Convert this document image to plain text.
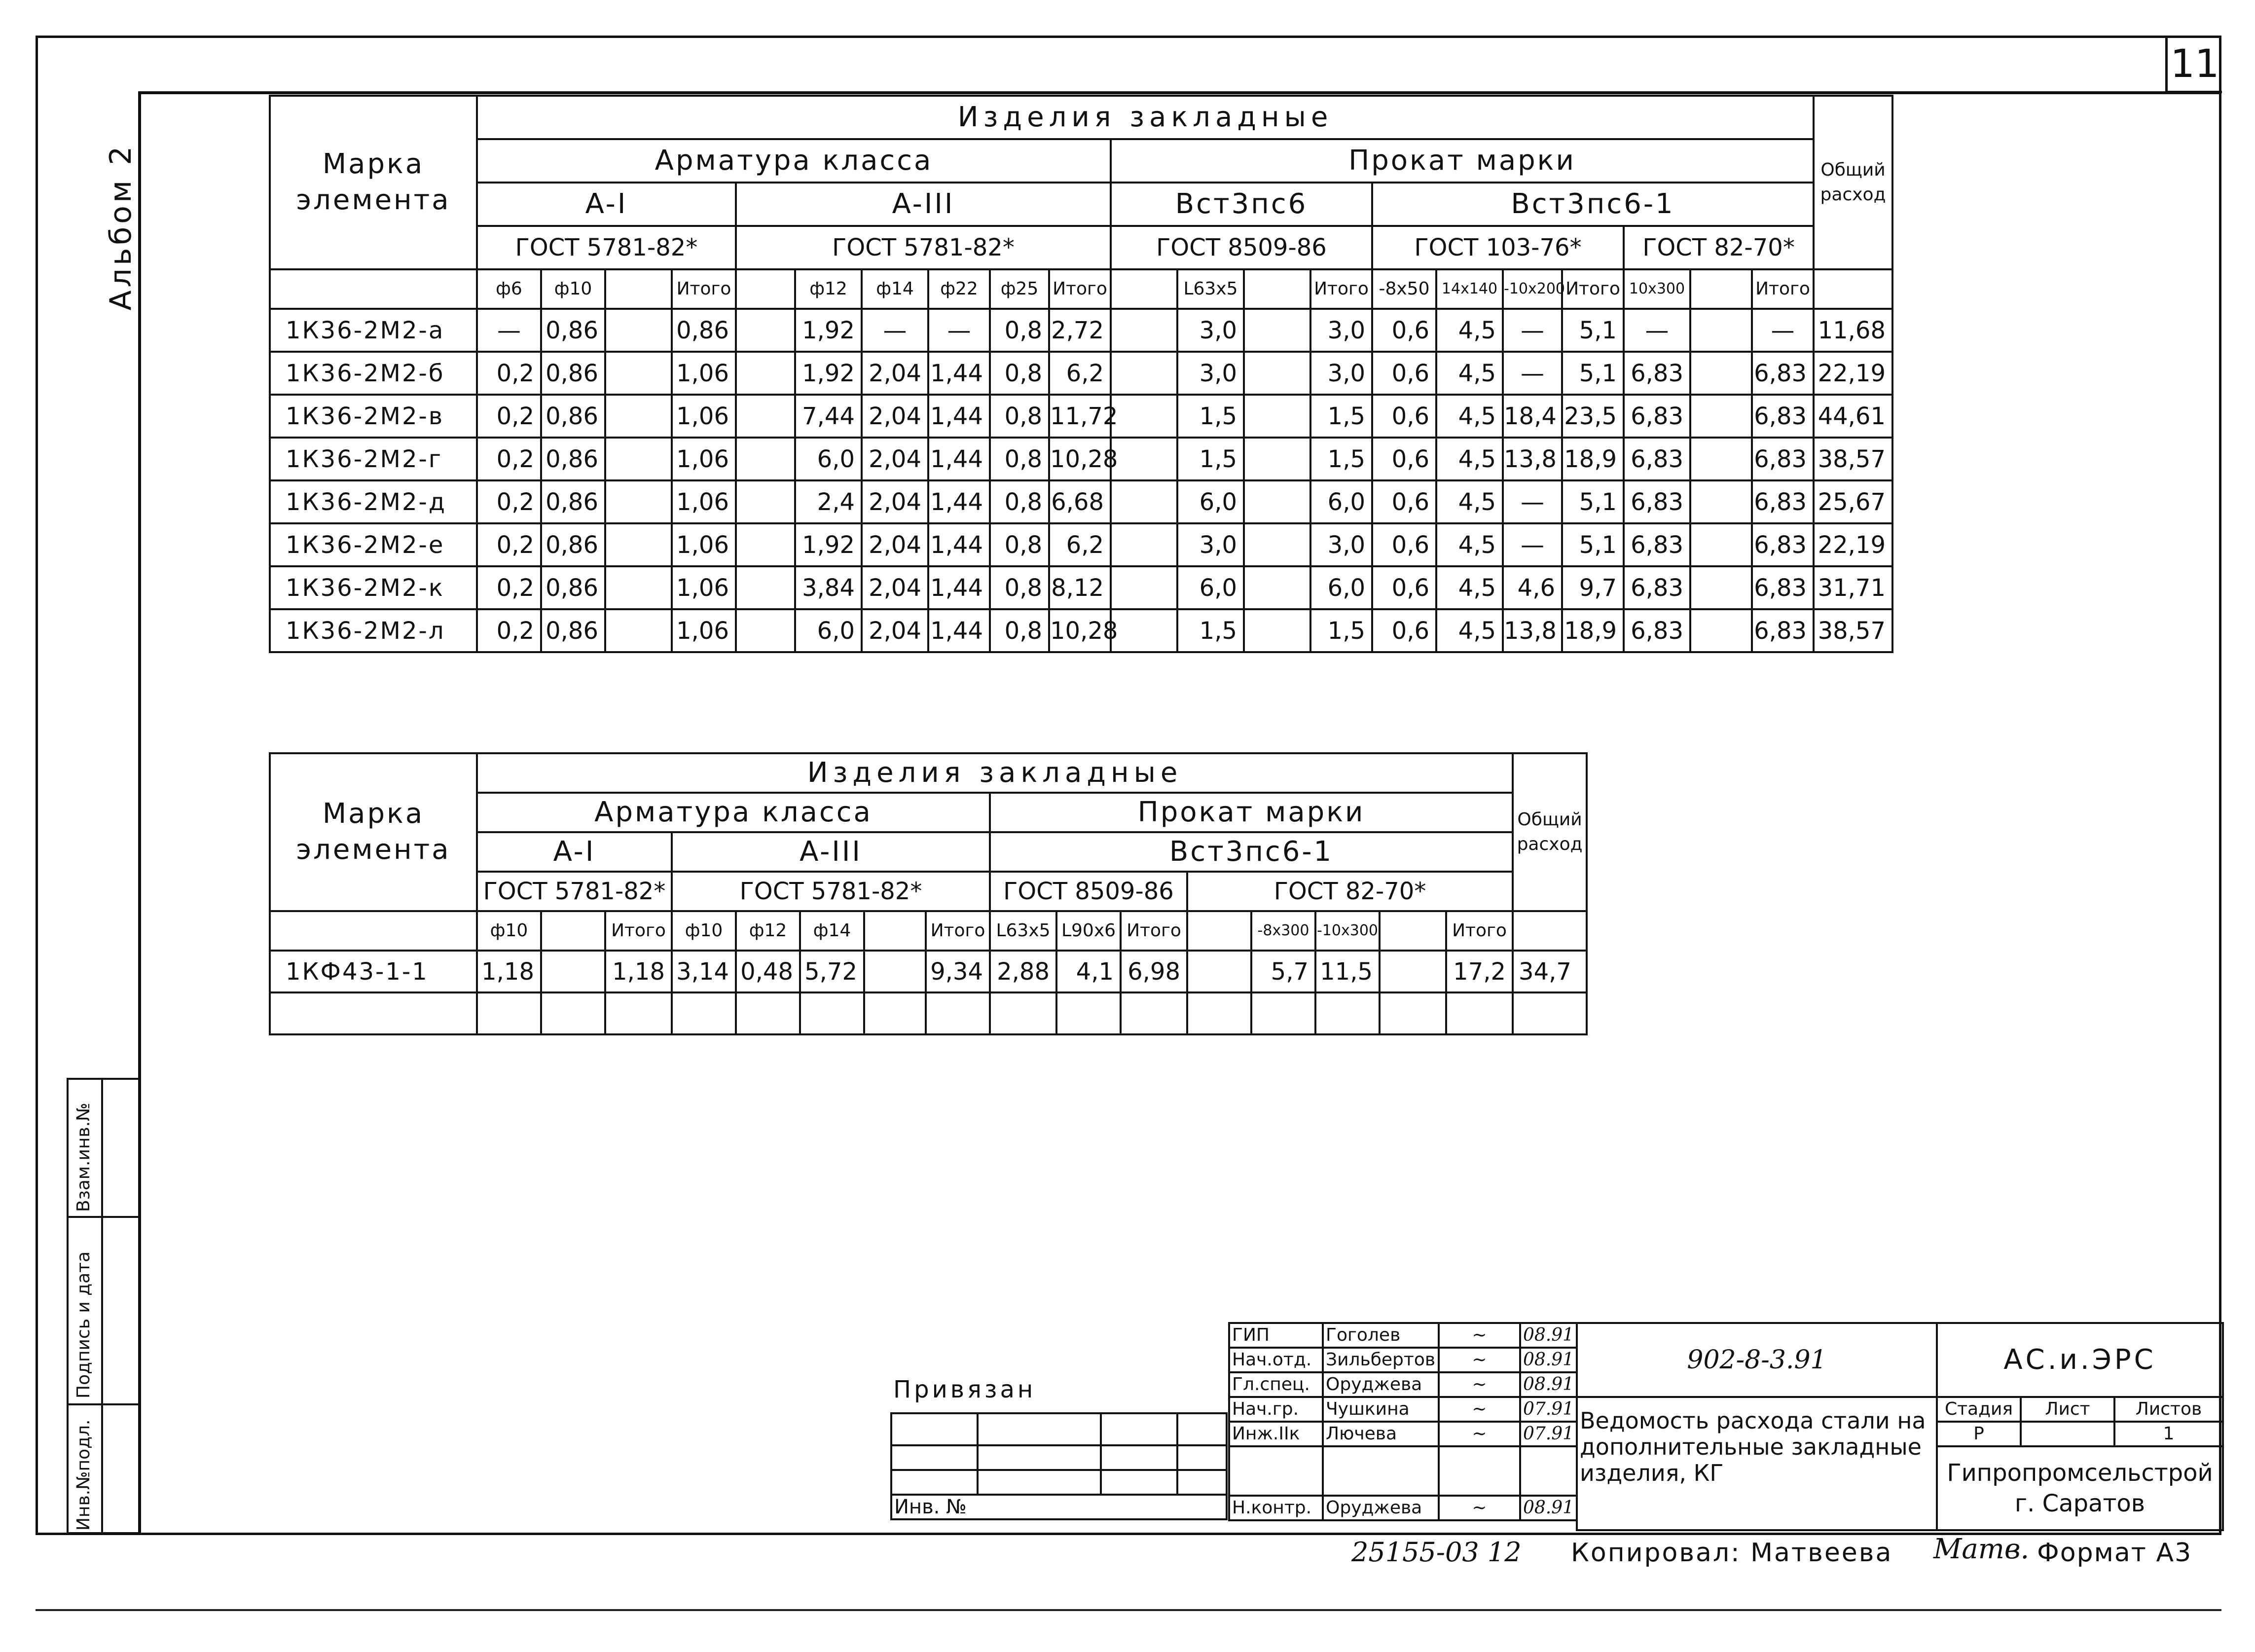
11
Альбом 2	Марка элемента	Изделия закладные																					Общий расход
	Арматура класса										Прокат марки											
	A-I				A-III						Вст3пс6				Вст3пс6-1							
	ГОСТ 5781-82*				ГОСТ 5781-82*						ГОСТ 8509-86				ГОСТ 103-76*				ГОСТ 82-70*			
	ф6	ф10		Итого		ф12	ф14	ф22	ф25	Итого		L63x5		Итого	-8x50	14x140	-10x200	Итого	10x300		Итого	
1К36-2М2-а	—	0,86		0,86		1,92	—	—	0,8	2,72		3,0		3,0	0,6	4,5	—	5,1	—		—	11,68
1К36-2М2-б	0,2	0,86		1,06		1,92	2,04	1,44	0,8	6,2		3,0		3,0	0,6	4,5	—	5,1	6,83		6,83	22,19
1К36-2М2-в	0,2	0,86		1,06		7,44	2,04	1,44	0,8	11,72		1,5		1,5	0,6	4,5	18,4	23,5	6,83		6,83	44,61
1К36-2М2-г	0,2	0,86		1,06		6,0	2,04	1,44	0,8	10,28		1,5		1,5	0,6	4,5	13,8	18,9	6,83		6,83	38,57
1К36-2М2-д	0,2	0,86		1,06		2,4	2,04	1,44	0,8	6,68		6,0		6,0	0,6	4,5	—	5,1	6,83		6,83	25,67
1К36-2М2-е	0,2	0,86		1,06		1,92	2,04	1,44	0,8	6,2		3,0		3,0	0,6	4,5	—	5,1	6,83		6,83	22,19
1К36-2М2-к	0,2	0,86		1,06		3,84	2,04	1,44	0,8	8,12		6,0		6,0	0,6	4,5	4,6	9,7	6,83		6,83	31,71
1К36-2М2-л	0,2	0,86		1,06		6,0	2,04	1,44	0,8	10,28		1,5		1,5	0,6	4,5	13,8	18,9	6,83		6,83	38,57
Марка элемента	Изделия закладные																Общий расход
	Арматура класса								Прокат марки								
	A-I			A-III					Вст3пс6-1								
	ГОСТ 5781-82*			ГОСТ 5781-82*					ГОСТ 8509-86			ГОСТ 82-70*					
	ф10		Итого	ф10	ф12	ф14		Итого	L63x5	L90x6	Итого		-8x300	-10x300		Итого	
1КФ43-1-1	1,18		1,18	3,14	0,48	5,72		9,34	2,88	4,1	6,98		5,7	11,5		17,2	34,7

Инв.№подл.
Подпись и дата
Взам.инв.№
Привязан			

Инв. №			
ГИП	Гоголев	~	08.91
Нач.отд.	Зильбертов	~	08.91
Гл.спец.	Оруджева	~	08.91
Нач.гр.	Чушкина	~	07.91
Инж.IIк	Лючева	~	07.91

Н.контр.	Оруджева	~	08.91
902-8-3.91	АС.и.ЭРС		
Ведомость расхода стали на дополнительные закладные изделия, КГ	Стадия	Лист	Листов
	Р		1

	Гипропромсельстрой
г. Саратов		
25155-03 12 Копировал: Матвеева Матв. Формат А3
